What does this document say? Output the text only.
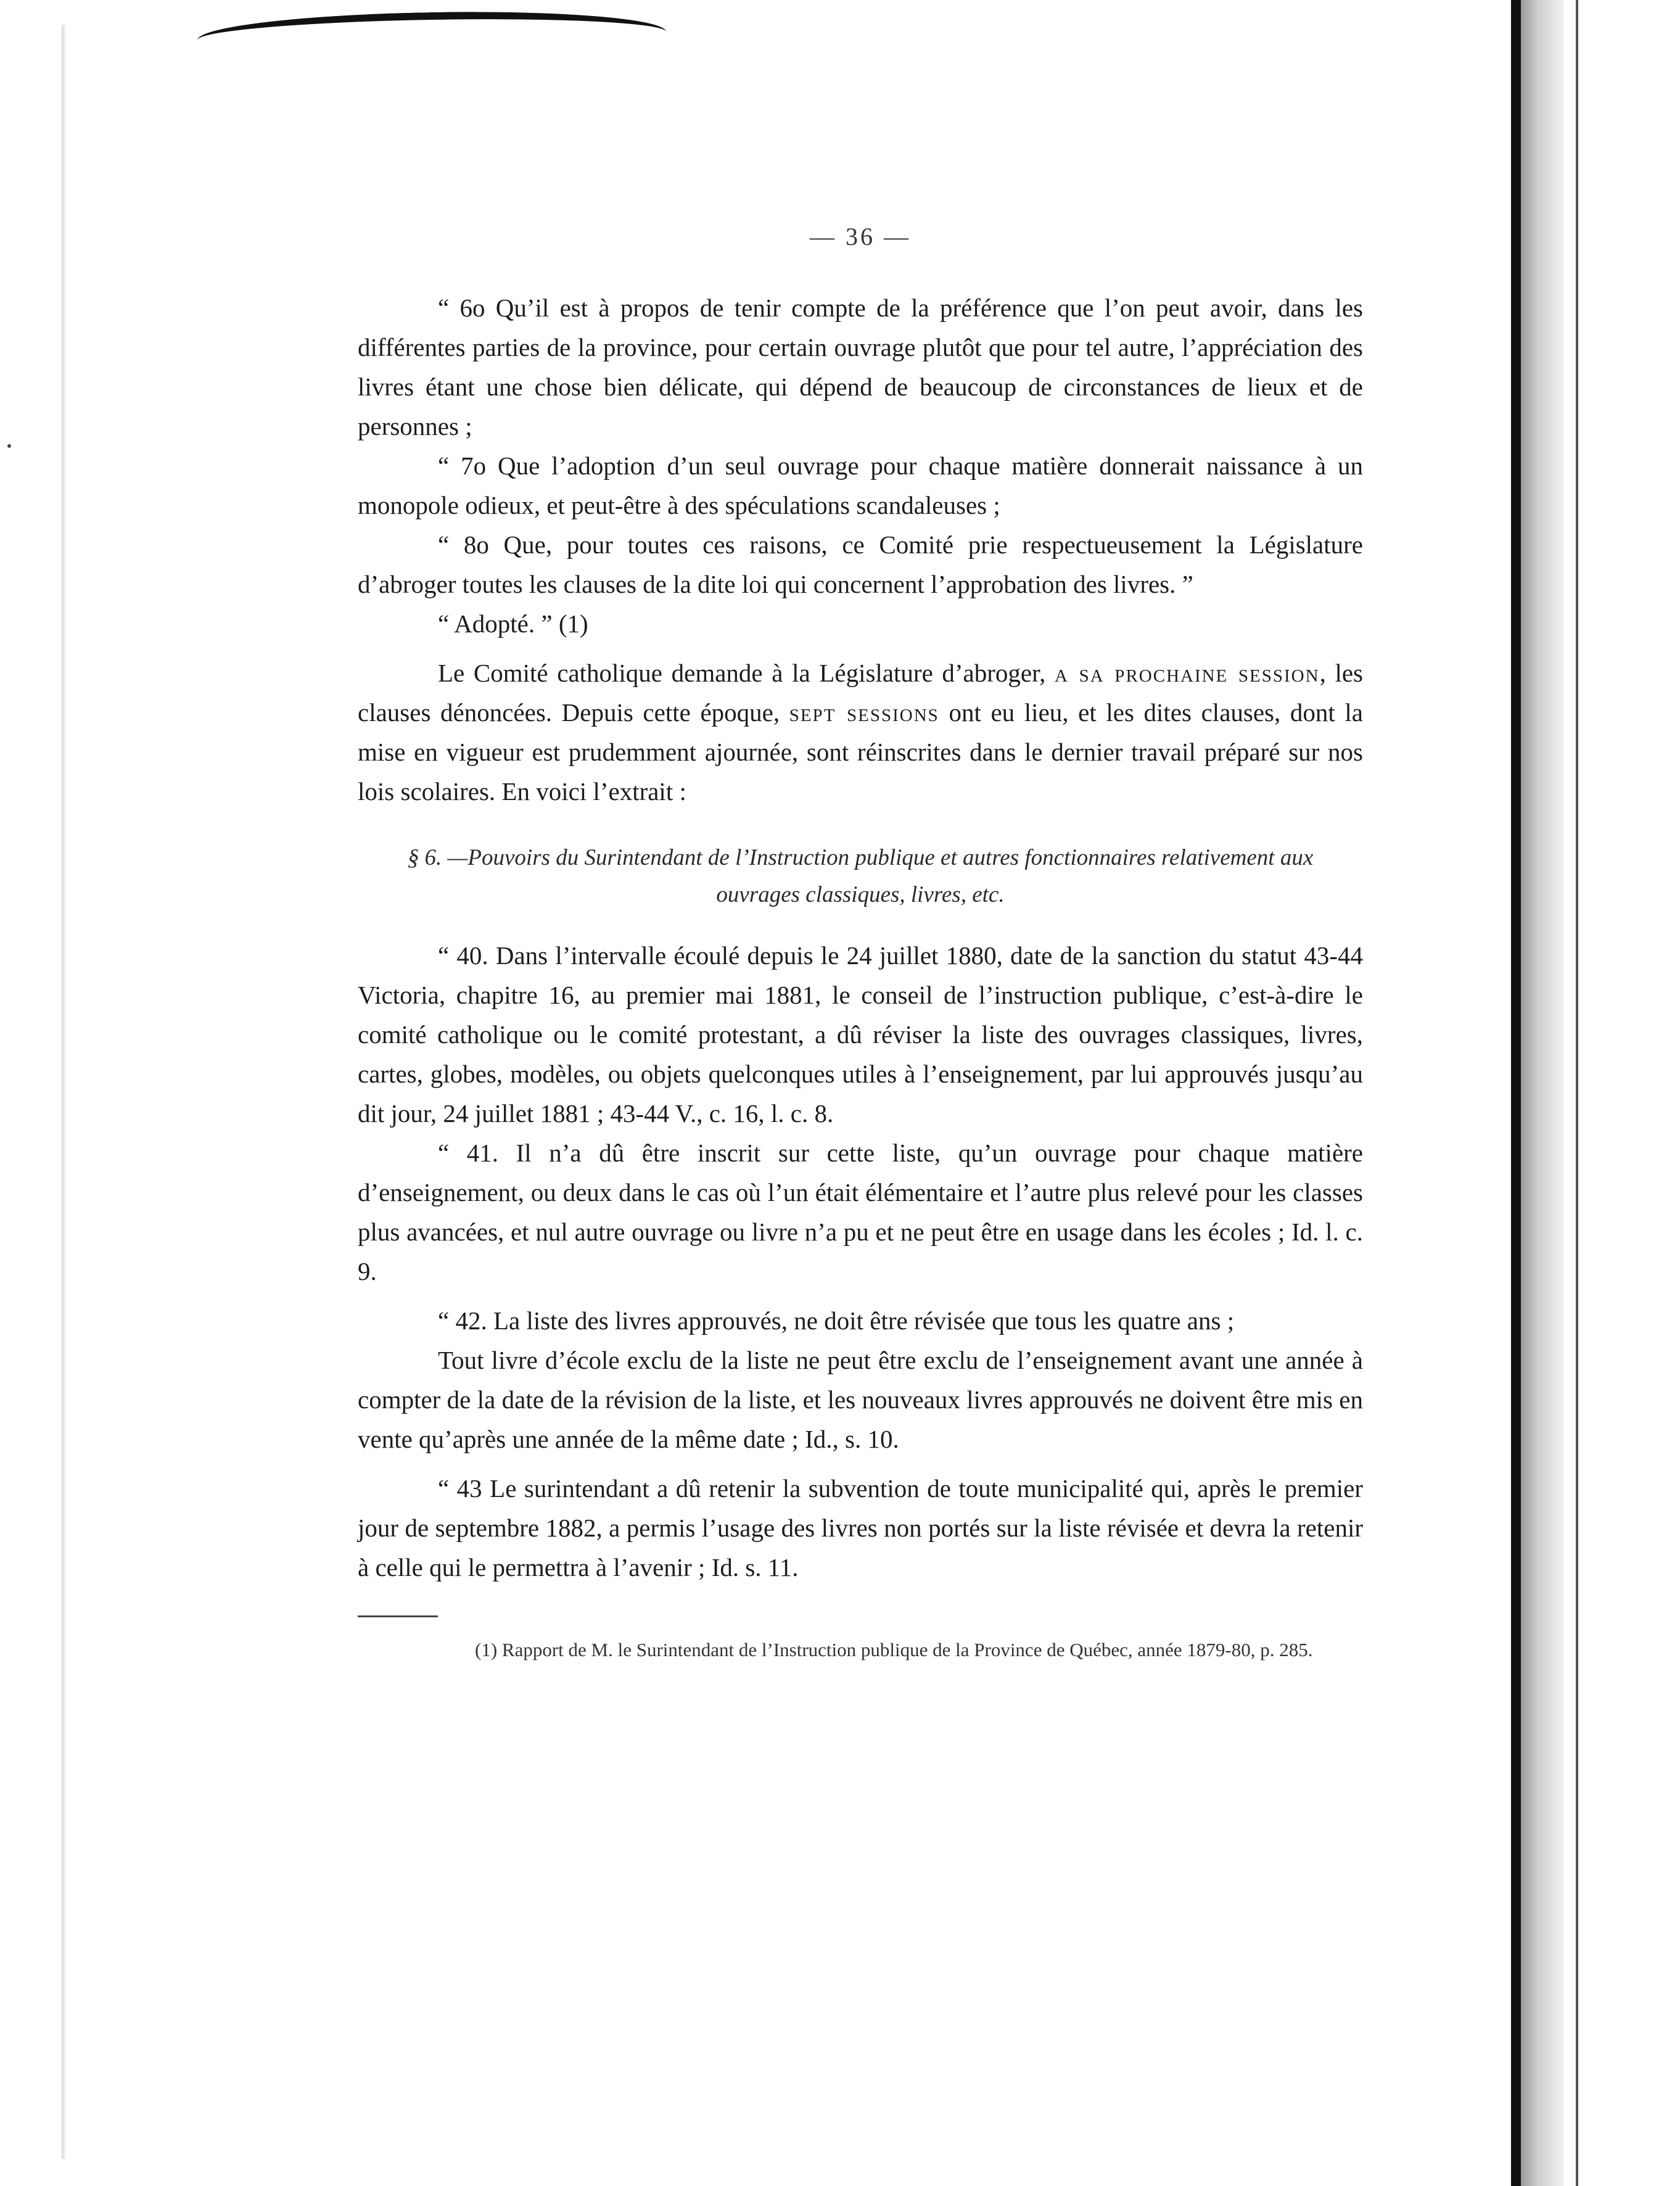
— 36 —

“ 6o Qu’il est à propos de tenir compte de la préférence que l’on peut avoir, dans les différentes parties de la province, pour certain ouvrage plutôt que pour tel autre, l’appréciation des livres étant une chose bien délicate, qui dépend de beaucoup de circonstances de lieux et de personnes ;

“ 7o Que l’adoption d’un seul ouvrage pour chaque matière donnerait naissance à un monopole odieux, et peut-être à des spéculations scandaleuses ;

“ 8o Que, pour toutes ces raisons, ce Comité prie respectueusement la Législature d’abroger toutes les clauses de la dite loi qui concernent l’approbation des livres. ”

“ Adopté. ” (1)

Le Comité catholique demande à la Législature d’abroger, a sa prochaine session, les clauses dénoncées. Depuis cette époque, sept sessions ont eu lieu, et les dites clauses, dont la mise en vigueur est prudemment ajournée, sont réinscrites dans le dernier travail préparé sur nos lois scolaires. En voici l’extrait :

§ 6. —Pouvoirs du Surintendant de l’Instruction publique et autres fonctionnaires relativement aux ouvrages classiques, livres, etc.

“ 40. Dans l’intervalle écoulé depuis le 24 juillet 1880, date de la sanction du statut 43-44 Victoria, chapitre 16, au premier mai 1881, le conseil de l’instruction publique, c’est-à-dire le comité catholique ou le comité protestant, a dû réviser la liste des ouvrages classiques, livres, cartes, globes, modèles, ou objets quelconques utiles à l’enseignement, par lui approuvés jusqu’au dit jour, 24 juillet 1881 ; 43-44 V., c. 16, l. c. 8.

“ 41. Il n’a dû être inscrit sur cette liste, qu’un ouvrage pour chaque matière d’enseignement, ou deux dans le cas où l’un était élémentaire et l’autre plus relevé pour les classes plus avancées, et nul autre ouvrage ou livre n’a pu et ne peut être en usage dans les écoles ; Id. l. c. 9.

“ 42. La liste des livres approuvés, ne doit être révisée que tous les quatre ans ;

Tout livre d’école exclu de la liste ne peut être exclu de l’enseignement avant une année à compter de la date de la révision de la liste, et les nouveaux livres approuvés ne doivent être mis en vente qu’après une année de la même date ; Id., s. 10.

“ 43 Le surintendant a dû retenir la subvention de toute municipalité qui, après le premier jour de septembre 1882, a permis l’usage des livres non portés sur la liste révisée et devra la retenir à celle qui le permettra à l’avenir ; Id. s. 11.

(1) Rapport de M. le Surintendant de l’Instruction publique de la Province de Québec, année 1879-80, p. 285.
